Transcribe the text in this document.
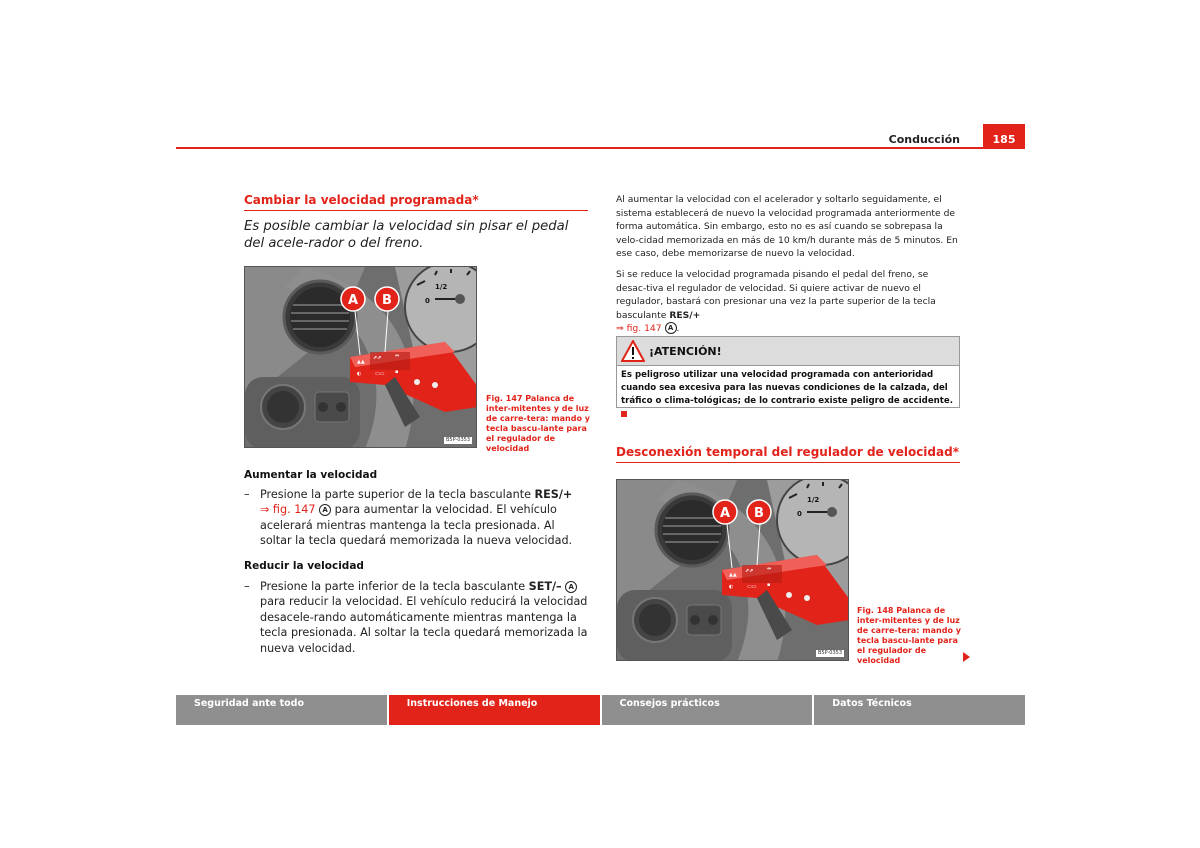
Conducción	185
Cambiar la velocidad programada*
Es posible cambiar la velocidad sin pisar el pedal del acele-rador o del freno.
1/2
0
▲▲
⇗⇗	⇔
◐	▭▭ ▪
A B
B5P-0353
Fig. 147 Palanca de inter-mitentes y de luz de carre-tera: mando y tecla bascu-lante para el regulador de velocidad
Aumentar la velocidad
– Presione la parte superior de la tecla basculante RES/+
⇒ fig. 147 A para aumentar la velocidad. El vehículo acelerará mientras mantenga la tecla presionada. Al soltar la tecla quedará memorizada la nueva velocidad.
Reducir la velocidad
– Presione la parte inferior de la tecla basculante SET/– A para reducir la velocidad. El vehículo reducirá la velocidad desacele-rando automáticamente mientras mantenga la tecla presionada. Al soltar la tecla quedará memorizada la nueva velocidad.
Al aumentar la velocidad con el acelerador y soltarlo seguidamente, el sistema establecerá de nuevo la velocidad programada anteriormente de forma automática. Sin embargo, esto no es así cuando se sobrepasa la velo-cidad memorizada en más de 10 km/h durante más de 5 minutos. En ese caso, debe memorizarse de nuevo la velocidad.
Si se reduce la velocidad programada pisando el pedal del freno, se desac-tiva el regulador de velocidad. Si quiere activar de nuevo el regulador, bastará con presionar una vez la parte superior de la tecla basculante RES/+
⇒ fig. 147 A .
¡ATENCIÓN!
Es peligroso utilizar una velocidad programada con anterioridad cuando sea excesiva para las nuevas condiciones de la calzada, del tráfico o clima-tológicas; de lo contrario existe peligro de accidente.
Desconexión temporal del regulador de velocidad*
1/2
0
▲▲
⇗⇗	⇔
◐	▭▭ ▪
A B
B5P-0353
Fig. 148 Palanca de inter-mitentes y de luz de carre-tera: mando y tecla bascu-lante para el regulador de velocidad
Seguridad ante todo	Instrucciones de Manejo	Consejos prácticos	Datos Técnicos
